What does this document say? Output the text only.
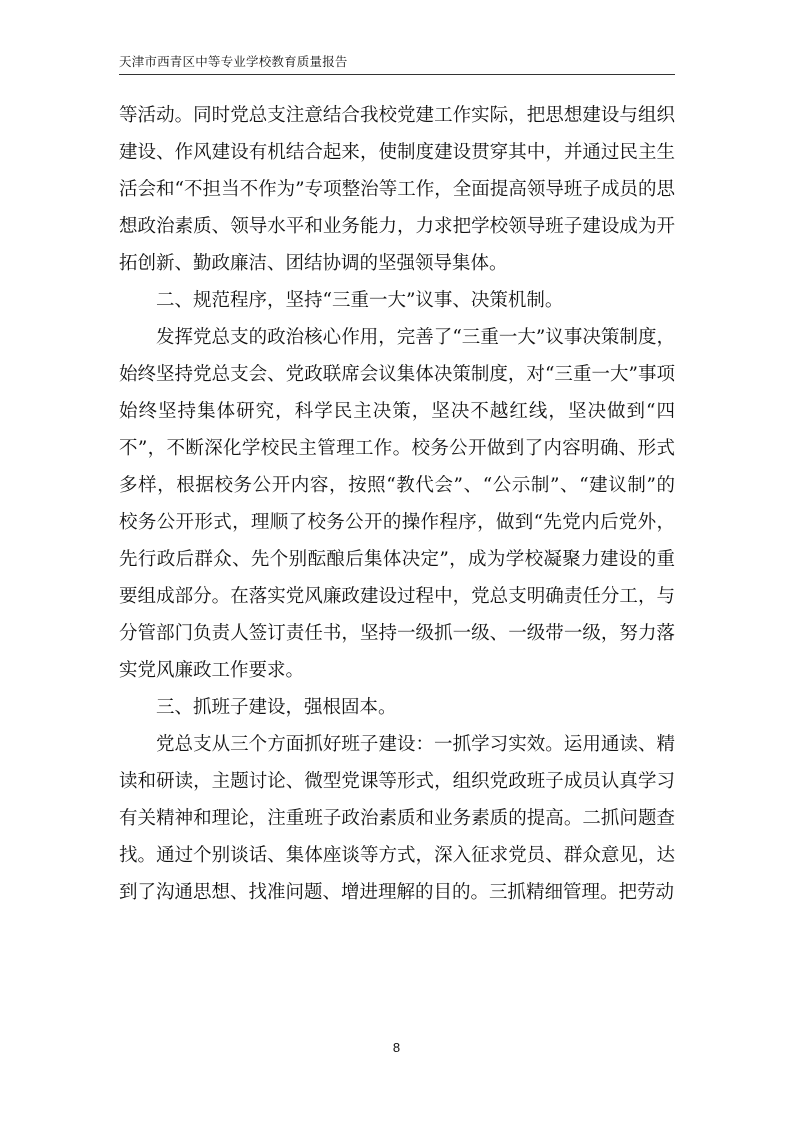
天津市西青区中等专业学校教育质量报告

等活动。同时党总支注意结合我校党建工作实际，把思想建设与组织建设、作风建设有机结合起来，使制度建设贯穿其中，并通过民主生活会和“不担当不作为”专项整治等工作，全面提高领导班子成员的思想政治素质、领导水平和业务能力，力求把学校领导班子建设成为开拓创新、勤政廉洁、团结协调的坚强领导集体。

二、规范程序，坚持“三重一大”议事、决策机制。

发挥党总支的政治核心作用，完善了“三重一大”议事决策制度，始终坚持党总支会、党政联席会议集体决策制度，对“三重一大”事项始终坚持集体研究，科学民主决策，坚决不越红线，坚决做到“四不”，不断深化学校民主管理工作。校务公开做到了内容明确、形式多样，根据校务公开内容，按照“教代会”、“公示制”、“建议制”的校务公开形式，理顺了校务公开的操作程序，做到“先党内后党外，先行政后群众、先个别酝酿后集体决定”，成为学校凝聚力建设的重要组成部分。在落实党风廉政建设过程中，党总支明确责任分工，与分管部门负责人签订责任书，坚持一级抓一级、一级带一级，努力落实党风廉政工作要求。

三、抓班子建设，强根固本。

党总支从三个方面抓好班子建设：一抓学习实效。运用通读、精读和研读，主题讨论、微型党课等形式，组织党政班子成员认真学习有关精神和理论，注重班子政治素质和业务素质的提高。二抓问题查找。通过个别谈话、集体座谈等方式，深入征求党员、群众意见，达到了沟通思想、找准问题、增进理解的目的。三抓精细管理。把劳动

8
